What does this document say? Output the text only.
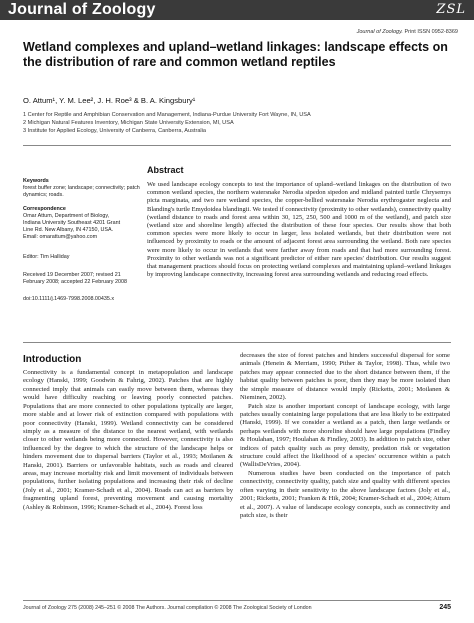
Journal of Zoology	ZSL
Journal of Zoology. Print ISSN 0952-8369
Wetland complexes and upland–wetland linkages: landscape effects on the distribution of rare and common wetland reptiles
O. Attum¹, Y. M. Lee², J. H. Roe³ & B. A. Kingsbury¹
1 Center for Reptile and Amphibian Conservation and Management, Indiana-Purdue University Fort Wayne, IN, USA
2 Michigan Natural Features Inventory, Michigan State University Extension, MI, USA
3 Institute for Applied Ecology, University of Canberra, Canberra, Australia
Keywords
forest buffer zone; landscape; connectivity; patch dynamics; roads.
Correspondence
Omar Attum, Department of Biology,
Indiana University Southeast 4201 Grant
Line Rd. New Albany, IN 47150, USA.
Email: omarattum@yahoo.com
Editor: Tim Halliday
Received 19 December 2007; revised 21 February 2008; accepted 22 February 2008
doi:10.1111/j.1469-7998.2008.00435.x
Abstract
We used landscape ecology concepts to test the importance of upland–wetland linkages on the distribution of two common wetland species, the northern watersnake Nerodia sipedon sipedon and midland painted turtle Chrysemys picta marginata, and two rare wetland species, the copper-bellied watersnake Nerodia erythrogaster neglecta and Blanding's turtle Emydoidea blandingii. We tested if connectivity (proximity to other wetlands), connectivity quality (wetland distance to roads and forest area within 30, 125, 250, 500 and 1000 m of the wetland), and patch size (wetland size and shoreline length) affected the distribution of these four species. Our results show that both common species were more likely to occur in larger, less isolated wetlands, but their distribution were not influenced by proximity to roads or the amount of adjacent forest area surrounding the wetland. Both rare species were more likely to occur in wetlands that were farther away from roads and that had more surrounding forest. Proximity to other wetlands was not a significant predictor of either rare species' distribution. Our results suggest that management practices should focus on protecting wetland complexes and maintaining upland–wetland linkages by improving landscape connectivity, increasing forest area surrounding wetlands and reducing road effects.
Introduction

Connectivity is a fundamental concept in metapopulation and landscape ecology (Hanski, 1999; Goodwin & Fahrig, 2002). Patches that are highly connected imply that animals can easily move between them, whereas they would have difficulty reaching or leaving poorly connected patches. Populations that are more connected to other populations typically are larger, more stable and at lower risk of extinction compared with populations with poor connectivity (Hanski, 1999). Wetland connectivity can be considered simply as a measure of the distance to the nearest wetland, with wetlands closer to other wetlands being more connected. However, connectivity is also influenced by the degree to which the structure of the landscape helps or hinders movement due to dispersal barriers (Taylor et al., 1993; Moilanen & Hanski, 2001). Barriers or unfavorable habitats, such as roads and cleared areas, may increase mortality risk and limit movement of individuals between populations, further isolating populations and increasing their risk of decline (Joly et al., 2001; Kramer-Schadt et al., 2004). Roads can act as barriers by fragmenting upland forest, preventing movement and causing mortality (Ashley & Robinson, 1996; Kramer-Schadt et al., 2004). Forest loss

decreases the size of forest patches and hinders successful dispersal for some animals (Henein & Merriam, 1990; Pither & Taylor, 1998). Thus, while two patches may appear connected due to the short distance between them, if the habitat quality between patches is poor, then they may be more isolated than the simple measure of distance would imply (Ricketts, 2001; Moilanen & Nieminen, 2002).

Patch size is another important concept of landscape ecology, with large patches usually containing large populations that are less likely to be extirpated (Hanski, 1999). If we consider a wetland as a patch, then large wetlands or perhaps wetlands with more shoreline should have large populations (Findley & Houlahan, 1997; Houlahan & Findley, 2003). In addition to patch size, other indices of patch quality such as prey density, predation risk or vegetation structure could affect the likelihood of a species' occurrence within a patch (WallisDeVries, 2004).

Numerous studies have been conducted on the importance of patch connectivity, connectivity quality, patch size and quality with different species often varying in their sensitivity to the above landscape factors (Joly et al., 2001; Ricketts, 2001; Franken & Hik, 2004; Kramer-Schadt et al., 2004; Attum et al., 2007). A value of landscape ecology concepts, such as connectivity and patch size, is their

Journal of Zoology 275 (2008) 245–251 © 2008 The Authors. Journal compilation © 2008 The Zoological Society of London	245
